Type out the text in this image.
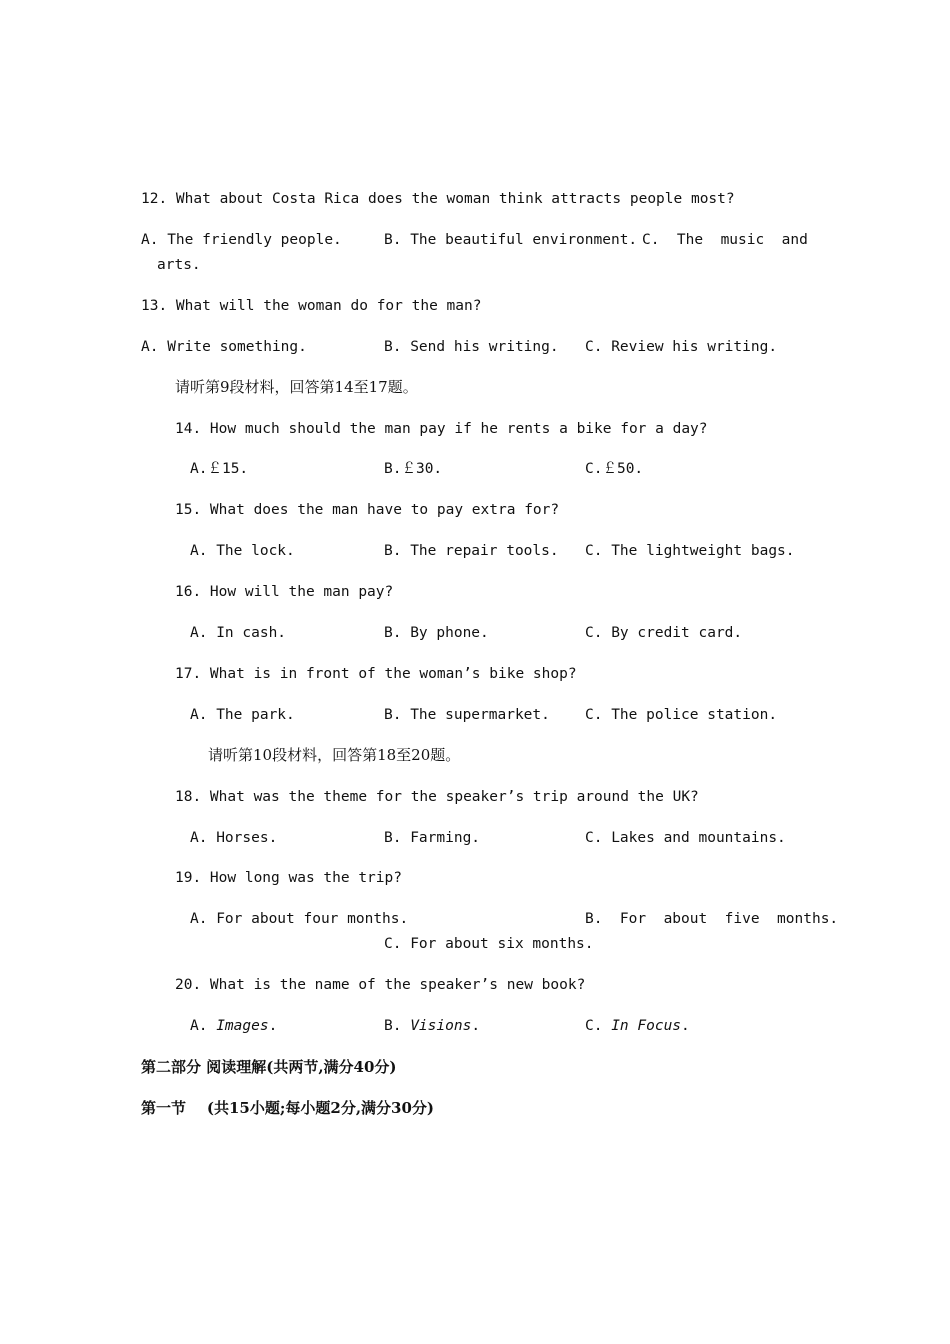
12. What about Costa Rica does the woman think attracts people most?
A. The friendly people.	B. The beautiful environment. C.  The  music  and
arts.
13. What will the woman do for the man?
A. Write something.	B. Send his writing. C. Review his writing.
请听第9段材料，回答第14至17题。
14. How much should the man pay if he rents a bike for a day?
A.￡15.	B.￡30.	C.￡50.
15. What does the man have to pay extra for?
A. The lock.	B. The repair tools. C. The lightweight bags.
16. How will the man pay?
A. In cash.	B. By phone.	C. By credit card.
17. What is in front of the woman’s bike shop?
A. The park.	B. The supermarket. C. The police station.
请听第10段材料，回答第18至20题。
18. What was the theme for the speaker’s trip around the UK?
A. Horses.	B. Farming.	C. Lakes and mountains.
19. How long was the trip?
A. For about four months.	B.  For  about  five  months.
C. For about six months.
20. What is the name of the speaker’s new book?
A. Images.	B. Visions.	C. In Focus.
第二部分 阅读理解(共两节,满分40分)
第一节    (共15小题;每小题2分,满分30分)
